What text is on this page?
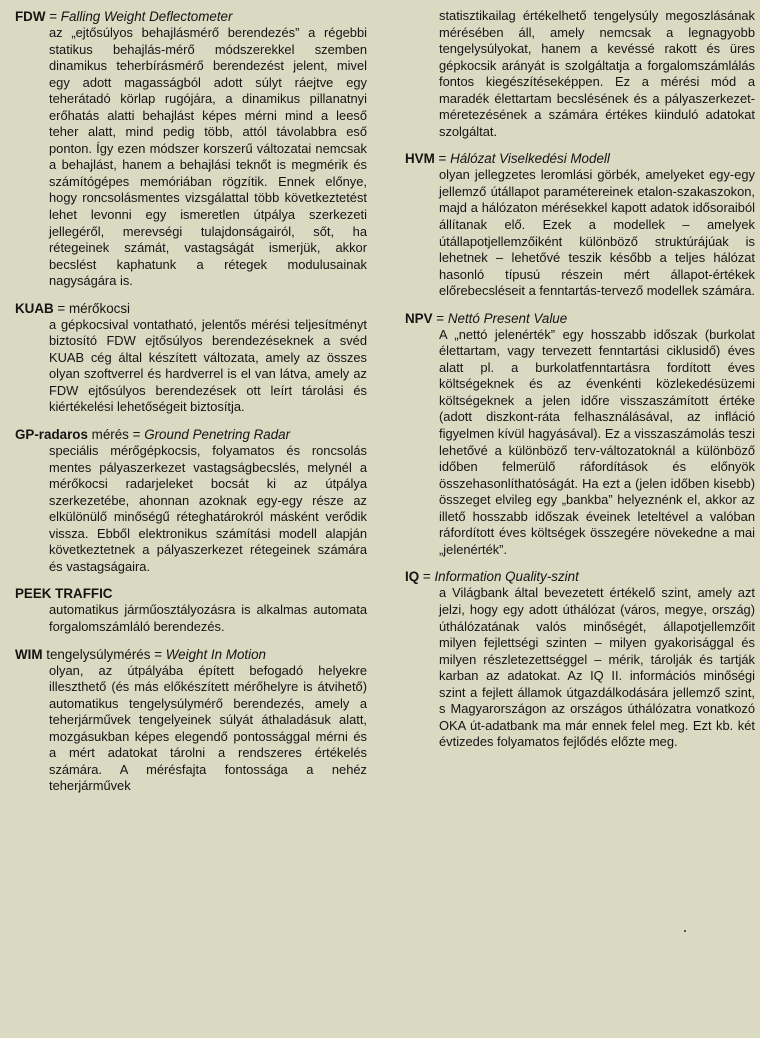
FDW = Falling Weight Deflectometer
az „ejtősúlyos behajlásmérő berendezés” a régebbi statikus behajlás-mérő módszerekkel szemben dinamikus teherbírásmérő berendezést jelent, mivel egy adott magasságból adott súlyt ráejtve egy teherátadó körlap rugójára, a dinamikus pillanatnyi erőhatás alatti behajlást képes mérni mind a leeső teher alatt, mind pedig több, attól távolabbra eső ponton. Így ezen módszer korszerű változatai nemcsak a behajlást, hanem a behajlási teknőt is megmérik és számítógépes memóriában rögzítik. Ennek előnye, hogy roncsolásmentes vizsgálattal több következtetést lehet levonni egy ismeretlen útpálya szerkezeti jellegéről, merevségi tulajdonságairól, sőt, ha rétegeinek számát, vastagságát ismerjük, akkor becslést kaphatunk a rétegek modulusainak nagyságára is.
KUAB = mérőkocsi
a gépkocsival vontatható, jelentős mérési teljesítményt biztosító FDW ejtősúlyos berendezéseknek a svéd KUAB cég által készített változata, amely az összes olyan szoftverrel és hardverrel is el van látva, amely az FDW ejtősúlyos berendezések ott leírt tárolási és kiértékelési lehetőségeit biztosítja.
GP-radaros mérés = Ground Penetring Radar
speciális mérőgépkocsis, folyamatos és roncsolás mentes pályaszerkezet vastagságbecslés, melynél a mérőkocsi radarjeleket bocsát ki az útpálya szerkezetébe, ahonnan azoknak egy-egy része az elkülönülő minőségű réteghatárokról másként verődik vissza. Ebből elektronikus számítási modell alapján következtetnek a pályaszerkezet rétegeinek számára és vastagságaira.
PEEK TRAFFIC
automatikus járműosztályozásra is alkalmas automata forgalomszámláló berendezés.
WIM tengelysúlymérés = Weight In Motion
olyan, az útpályába épített befogadó helyekre illeszthető (és más előkészített mérőhelyre is átvihető) automatikus tengelysúlymérő berendezés, amely a teherjárművek tengelyeinek súlyát áthaladásuk alatt, mozgásukban képes elegendő pontossággal mérni és a mért adatokat tárolni a rendszeres értékelés számára. A mérésfajta fontossága a nehéz teherjárművek
statisztikailag értékelhető tengelysúly megoszlásának mérésében áll, amely nemcsak a legnagyobb tengelysúlyokat, hanem a kevéssé rakott és üres gépkocsik arányát is szolgáltatja a forgalomszámlálás fontos kiegészítéseképpen. Ez a mérési mód a maradék élettartam becslésének és a pályaszerkezet-méretezésének a számára értékes kiinduló adatokat szolgáltat.
HVM = Hálózat Viselkedési Modell
olyan jellegzetes leromlási görbék, amelyeket egy-egy jellemző útállapot paramétereinek etalon-szakaszokon, majd a hálózaton mérésekkel kapott adatok idősoraiból állítanak elő. Ezek a modellek – amelyek útállapotjellemzőiként különböző struktúrájúak is lehetnek – lehetővé teszik később a teljes hálózat hasonló típusú részein mért állapot-értékek előrebecsléseit a fenntartás-tervező modellek számára.
NPV = Nettó Present Value
A „nettó jelenérték” egy hosszabb időszak (burkolat élettartam, vagy tervezett fenntartási ciklusidő) éves alatt pl. a burkolatfenntartásra fordított éves költségeknek és az évenkénti közlekedésüzemi költségeknek a jelen időre visszaszámított értéke (adott diszkont-ráta felhasználásával, az infláció figyelmen kívül hagyásával). Ez a visszaszámolás teszi lehetővé a különböző terv-változatoknál a különböző időben felmerülő ráfordítások és előnyök összehasonlíthatóságát. Ha ezt a (jelen időben kisebb) összeget elvileg egy „bankba” helyeznénk el, akkor az illető hosszabb időszak éveinek leteltével a valóban ráfordított éves költségek összegére növekedne a mai „jelenérték”.
IQ = Information Quality-szint
a Világbank által bevezetett értékelő szint, amely azt jelzi, hogy egy adott úthálózat (város, megye, ország) úthálózatának valós minőségét, állapotjellemzőit milyen fejlettségi szinten – milyen gyakorisággal és milyen részletezettséggel – mérik, tárolják és tartják karban az adatokat. Az IQ II. információs minőségi szint a fejlett államok útgazdálkodására jellemző szint, s Magyarországon az országos úthálózatra vonatkozó OKA út-adatbank ma már ennek felel meg. Ezt kb. két évtizedes folyamatos fejlődés előzte meg.
